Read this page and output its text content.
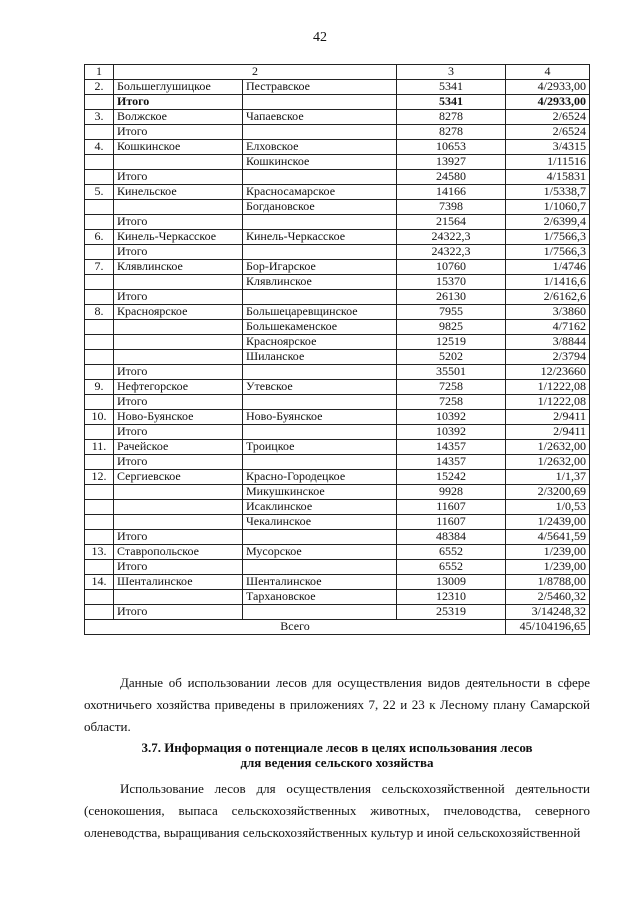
42
1	2		3	4
2.	Большеглушицкое	Пестравское	5341	4/2933,00
	Итого		5341	4/2933,00
3.	Волжское	Чапаевское	8278	2/6524
	Итого		8278	2/6524
4.	Кошкинское	Елховское	10653	3/4315
		Кошкинское	13927	1/11516
	Итого		24580	4/15831
5.	Кинельское	Красносамарское	14166	1/5338,7
		Богдановское	7398	1/1060,7
	Итого		21564	2/6399,4
6.	Кинель-Черкасское	Кинель-Черкасское	24322,3	1/7566,3
	Итого		24322,3	1/7566,3
7.	Клявлинское	Бор-Игарское	10760	1/4746
		Клявлинское	15370	1/1416,6
	Итого		26130	2/6162,6
8.	Красноярское	Большецаревщинское	7955	3/3860
		Большекаменское	9825	4/7162
		Красноярское	12519	3/8844
		Шиланское	5202	2/3794
	Итого		35501	12/23660
9.	Нефтегорское	Утевское	7258	1/1222,08
	Итого		7258	1/1222,08
10.	Ново-Буянское	Ново-Буянское	10392	2/9411
	Итого		10392	2/9411
11.	Рачейское	Троицкое	14357	1/2632,00
	Итого		14357	1/2632,00
12.	Сергиевское	Красно-Городецкое	15242	1/1,37
		Микушкинское	9928	2/3200,69
		Исаклинское	11607	1/0,53
		Чекалинское	11607	1/2439,00
	Итого		48384	4/5641,59
13.	Ставропольское	Мусорское	6552	1/239,00
	Итого		6552	1/239,00
14.	Шенталинское	Шенталинское	13009	1/8788,00
		Тархановское	12310	2/5460,32
	Итого		25319	3/14248,32
Всего				45/104196,65
Данные об использовании лесов для осуществления видов деятельности в сфере охотничьего хозяйства приведены в приложениях 7, 22 и 23 к Лесному плану Самарской области.
3.7. Информация о потенциале лесов в целях использования лесов
для ведения сельского хозяйства
Использование лесов для осуществления сельскохозяйственной деятельности (сенокошения, выпаса сельскохозяйственных животных, пчеловодства, северного оленеводства, выращивания сельскохозяйственных культур и иной сельскохозяйственной
